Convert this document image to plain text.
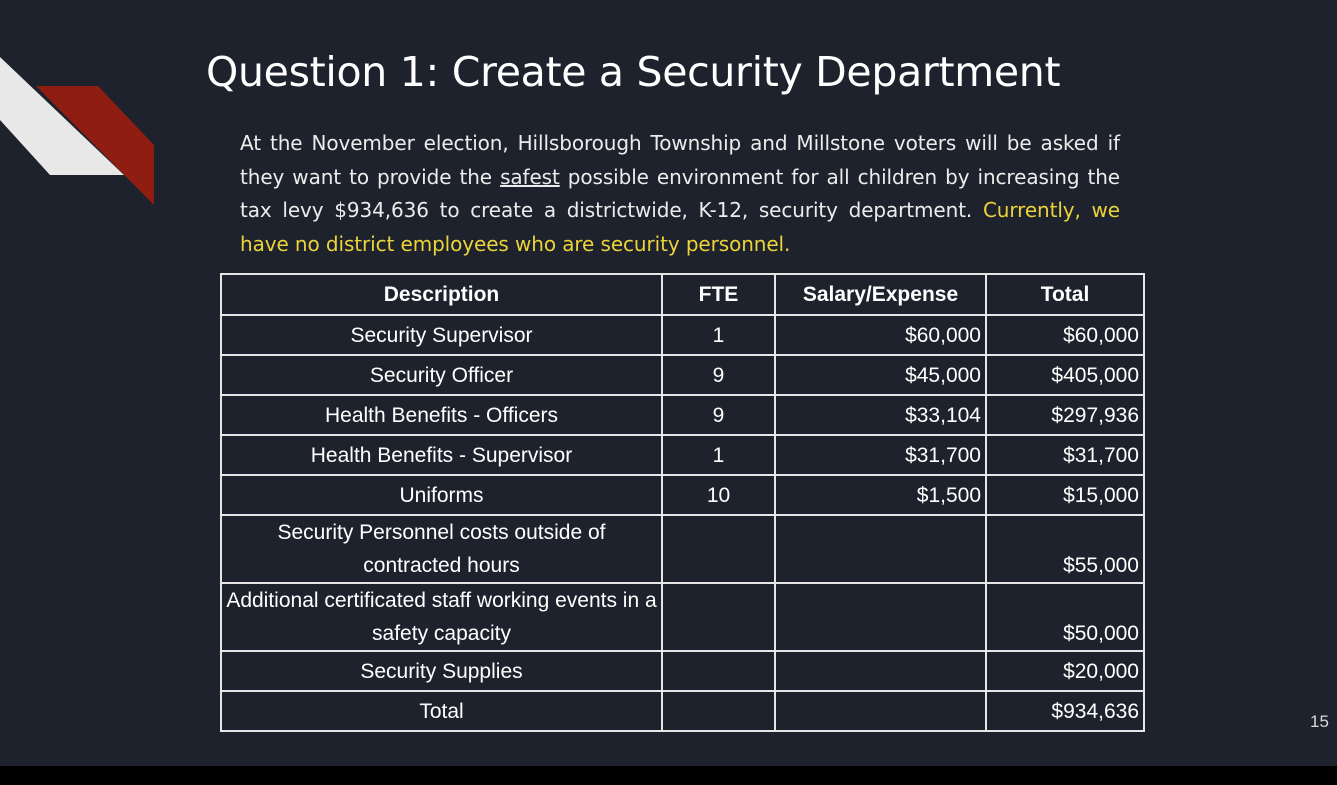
Question 1: Create a Security Department

At the November election, Hillsborough Township and Millstone voters will be asked if they want to provide the safest possible environment for all children by increasing the tax levy $934,636 to create a districtwide, K-12, security department. Currently, we have no district employees who are security personnel.

Description	FTE	Salary/Expense	Total
Security Supervisor	1	$60,000	$60,000
Security Officer	9	$45,000	$405,000
Health Benefits - Officers	9	$33,104	$297,936
Health Benefits - Supervisor	1	$31,700	$31,700
Uniforms	10	$1,500	$15,000
Security Personnel costs outside of contracted hours			$55,000
Additional certificated staff working events in a safety capacity			$50,000
Security Supplies			$20,000
Total			$934,636	15
